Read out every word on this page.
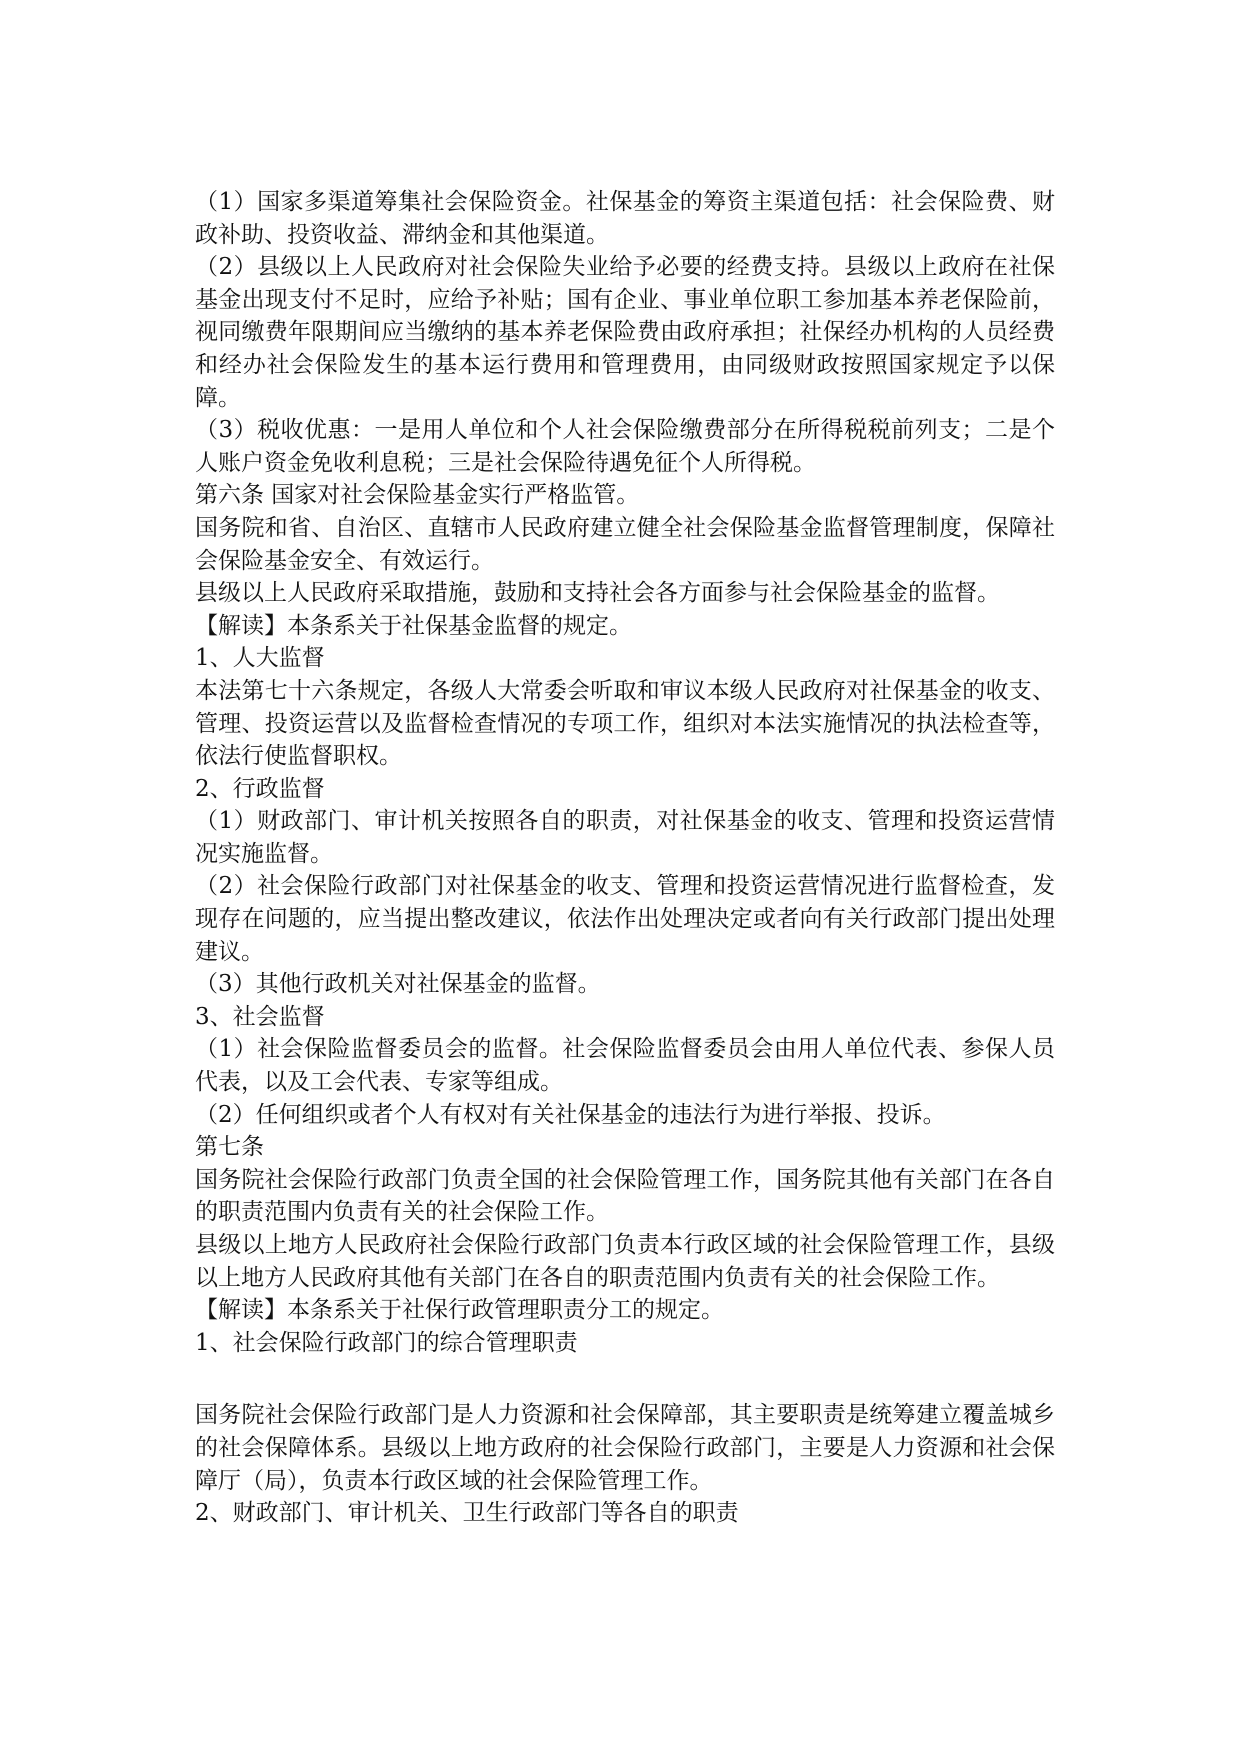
（1）国家多渠道筹集社会保险资金。社保基金的筹资主渠道包括：社会保险费、财政补助、投资收益、滞纳金和其他渠道。

（2）县级以上人民政府对社会保险失业给予必要的经费支持。县级以上政府在社保基金出现支付不足时，应给予补贴；国有企业、事业单位职工参加基本养老保险前，视同缴费年限期间应当缴纳的基本养老保险费由政府承担；社保经办机构的人员经费和经办社会保险发生的基本运行费用和管理费用，由同级财政按照国家规定予以保障。

（3）税收优惠：一是用人单位和个人社会保险缴费部分在所得税税前列支；二是个人账户资金免收利息税；三是社会保险待遇免征个人所得税。

第六条 国家对社会保险基金实行严格监管。

国务院和省、自治区、直辖市人民政府建立健全社会保险基金监督管理制度，保障社会保险基金安全、有效运行。

县级以上人民政府采取措施，鼓励和支持社会各方面参与社会保险基金的监督。

【解读】本条系关于社保基金监督的规定。

1、人大监督

本法第七十六条规定，各级人大常委会听取和审议本级人民政府对社保基金的收支、管理、投资运营以及监督检查情况的专项工作，组织对本法实施情况的执法检查等，依法行使监督职权。

2、行政监督

（1）财政部门、审计机关按照各自的职责，对社保基金的收支、管理和投资运营情况实施监督。

（2）社会保险行政部门对社保基金的收支、管理和投资运营情况进行监督检查，发现存在问题的，应当提出整改建议，依法作出处理决定或者向有关行政部门提出处理建议。

（3）其他行政机关对社保基金的监督。

3、社会监督

（1）社会保险监督委员会的监督。社会保险监督委员会由用人单位代表、参保人员代表，以及工会代表、专家等组成。

（2）任何组织或者个人有权对有关社保基金的违法行为进行举报、投诉。

第七条

国务院社会保险行政部门负责全国的社会保险管理工作，国务院其他有关部门在各自的职责范围内负责有关的社会保险工作。

县级以上地方人民政府社会保险行政部门负责本行政区域的社会保险管理工作，县级以上地方人民政府其他有关部门在各自的职责范围内负责有关的社会保险工作。

【解读】本条系关于社保行政管理职责分工的规定。

1、社会保险行政部门的综合管理职责

国务院社会保险行政部门是人力资源和社会保障部，其主要职责是统筹建立覆盖城乡的社会保障体系。县级以上地方政府的社会保险行政部门，主要是人力资源和社会保障厅（局），负责本行政区域的社会保险管理工作。

2、财政部门、审计机关、卫生行政部门等各自的职责
